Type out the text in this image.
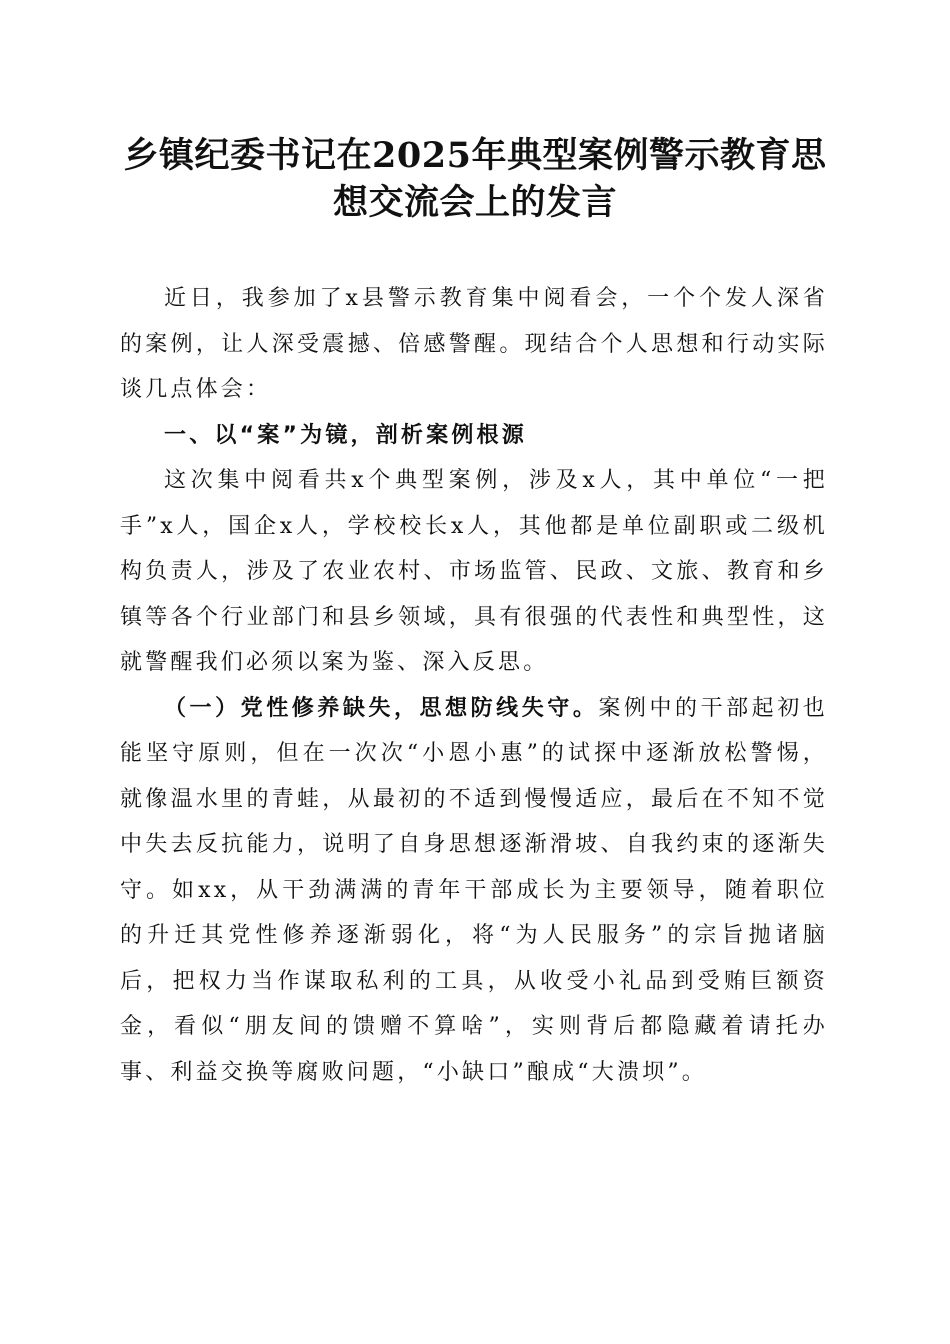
乡镇纪委书记在2025年典型案例警示教育思
想交流会上的发言

近日，我参加了x县警示教育集中阅看会，一个个发人深省的案例，让人深受震撼、倍感警醒。现结合个人思想和行动实际谈几点体会：

一、以“案”为镜，剖析案例根源

这次集中阅看共x个典型案例，涉及x人，其中单位“一把手”x人，国企x人，学校校长x人，其他都是单位副职或二级机构负责人，涉及了农业农村、市场监管、民政、文旅、教育和乡镇等各个行业部门和县乡领域，具有很强的代表性和典型性，这就警醒我们必须以案为鉴、深入反思。

（一）党性修养缺失，思想防线失守。案例中的干部起初也能坚守原则，但在一次次“小恩小惠”的试探中逐渐放松警惕，就像温水里的青蛙，从最初的不适到慢慢适应，最后在不知不觉中失去反抗能力，说明了自身思想逐渐滑坡、自我约束的逐渐失守。如xx，从干劲满满的青年干部成长为主要领导，随着职位的升迁其党性修养逐渐弱化，将“为人民服务”的宗旨抛诸脑后，把权力当作谋取私利的工具，从收受小礼品到受贿巨额资金，看似“朋友间的馈赠不算啥”，实则背后都隐藏着请托办事、利益交换等腐败问题，“小缺口”酿成“大溃坝”。
